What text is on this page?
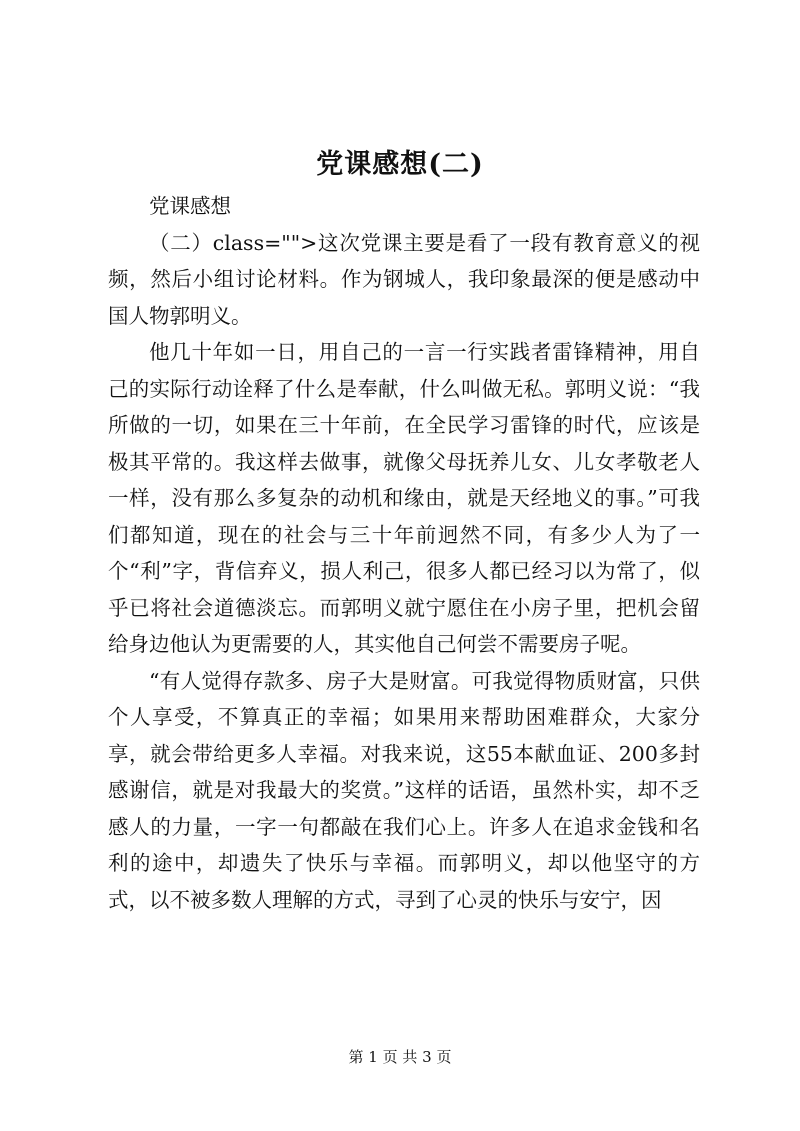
党课感想(二)

党课感想

（二）class="">这次党课主要是看了一段有教育意义的视频，然后小组讨论材料。作为钢城人，我印象最深的便是感动中国人物郭明义。

他几十年如一日，用自己的一言一行实践者雷锋精神，用自己的实际行动诠释了什么是奉献，什么叫做无私。郭明义说：“我所做的一切，如果在三十年前，在全民学习雷锋的时代，应该是极其平常的。我这样去做事，就像父母抚养儿女、儿女孝敬老人一样，没有那么多复杂的动机和缘由，就是天经地义的事。”可我们都知道，现在的社会与三十年前迥然不同，有多少人为了一个“利”字，背信弃义，损人利己，很多人都已经习以为常了，似乎已将社会道德淡忘。而郭明义就宁愿住在小房子里，把机会留给身边他认为更需要的人，其实他自己何尝不需要房子呢。

“有人觉得存款多、房子大是财富。可我觉得物质财富，只供个人享受，不算真正的幸福；如果用来帮助困难群众，大家分享，就会带给更多人幸福。对我来说，这55本献血证、200多封感谢信，就是对我最大的奖赏。”这样的话语，虽然朴实，却不乏感人的力量，一字一句都敲在我们心上。许多人在追求金钱和名利的途中，却遗失了快乐与幸福。而郭明义，却以他坚守的方式，以不被多数人理解的方式，寻到了心灵的快乐与安宁，因

第 1 页 共 3 页
